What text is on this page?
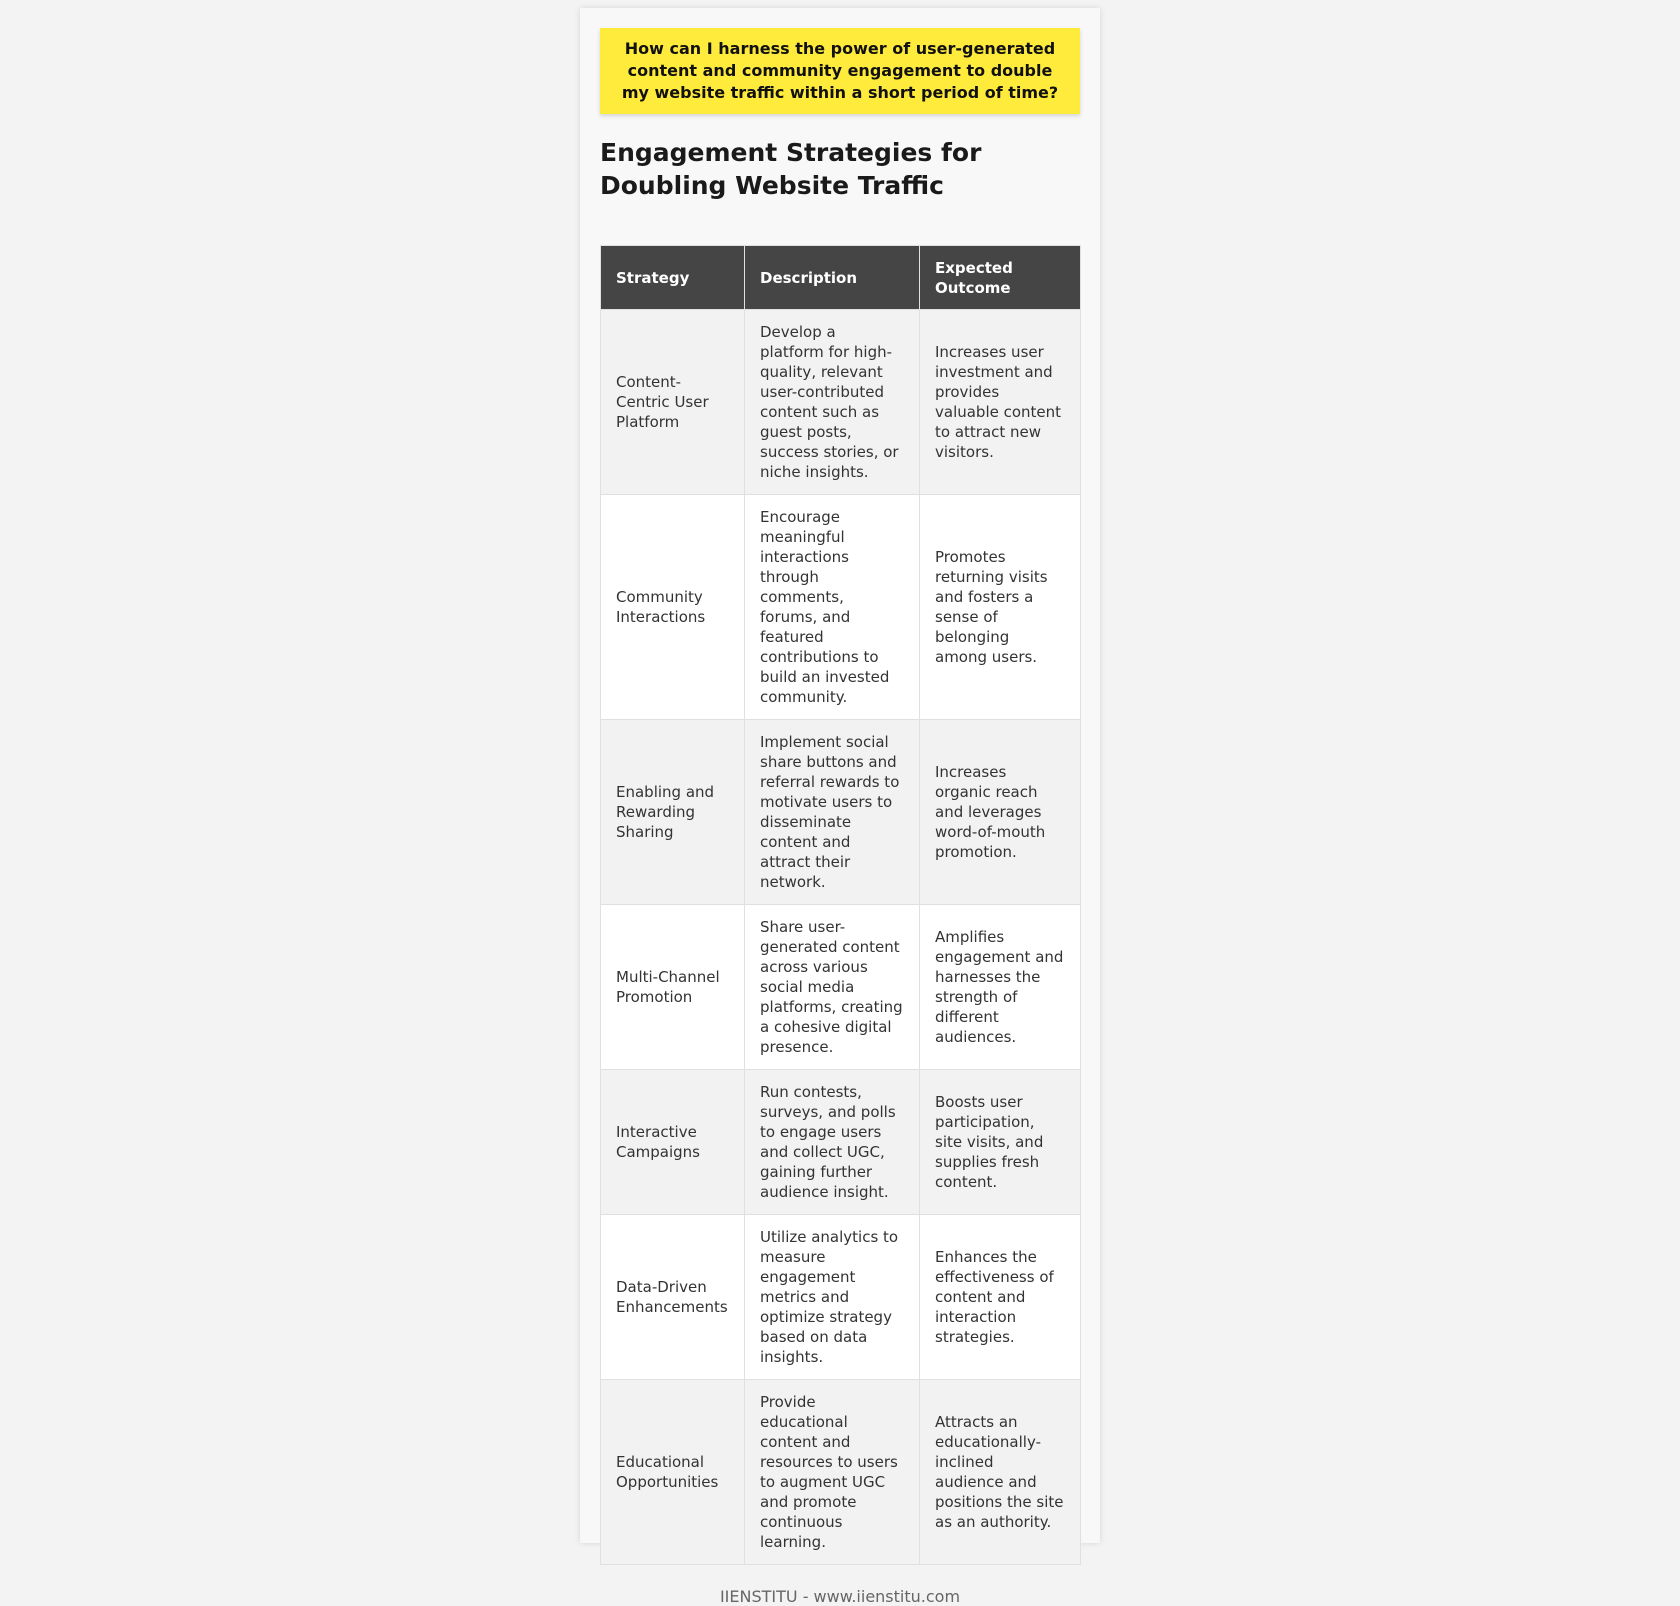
How can I harness the power of user-generated content and community engagement to double my website traffic within a short period of time?
Engagement Strategies for Doubling Website Traffic
Strategy	Description	Expected Outcome
Content-Centric User Platform	Develop a platform for high-quality, relevant user-contributed content such as guest posts, success stories, or niche insights.	Increases user investment and provides valuable content to attract new visitors.
Community Interactions	Encourage meaningful interactions through comments, forums, and featured contributions to build an invested community.	Promotes returning visits and fosters a sense of belonging among users.
Enabling and Rewarding Sharing	Implement social share buttons and referral rewards to motivate users to disseminate content and attract their network.	Increases organic reach and leverages word-of-mouth promotion.
Multi-Channel Promotion	Share user-generated content across various social media platforms, creating a cohesive digital presence.	Amplifies engagement and harnesses the strength of different audiences.
Interactive Campaigns	Run contests, surveys, and polls to engage users and collect UGC, gaining further audience insight.	Boosts user participation, site visits, and supplies fresh content.
Data-Driven Enhancements	Utilize analytics to measure engagement metrics and optimize strategy based on data insights.	Enhances the effectiveness of content and interaction strategies.
Educational Opportunities	Provide educational content and resources to users to augment UGC and promote continuous learning.	Attracts an educationally-inclined audience and positions the site as an authority.
IIENSTITU - www.iienstitu.com
